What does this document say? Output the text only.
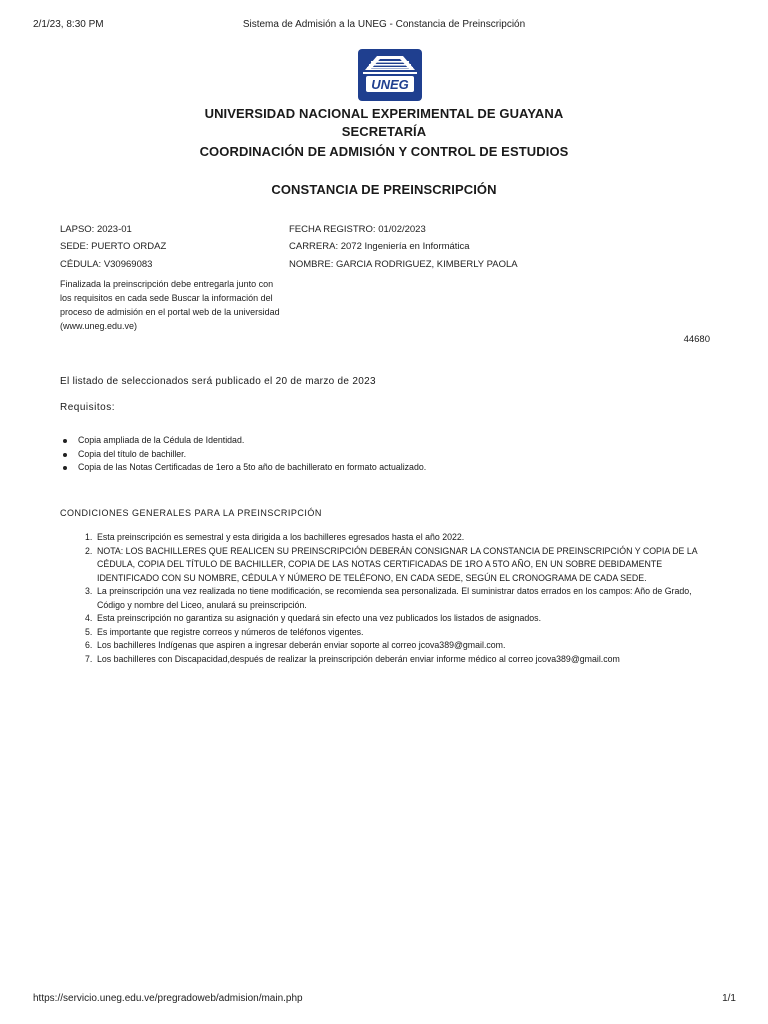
2/1/23, 8:30 PM	Sistema de Admisión a la UNEG - Constancia de Preinscripción
UNEG
UNIVERSIDAD NACIONAL EXPERIMENTAL DE GUAYANA
SECRETARÍA
COORDINACIÓN DE ADMISIÓN Y CONTROL DE ESTUDIOS
CONSTANCIA DE PREINSCRIPCIÓN
LAPSO: 2023-01
SEDE: PUERTO ORDAZ
CÉDULA: V30969083
FECHA REGISTRO: 01/02/2023
CARRERA: 2072 Ingeniería en Informática
NOMBRE: GARCIA RODRIGUEZ, KIMBERLY PAOLA
Finalizada la preinscripción debe entregarla junto con los requisitos en cada sede Buscar la información del proceso de admisión en el portal web de la universidad (www.uneg.edu.ve)
44680
El listado de seleccionados será publicado el 20 de marzo de 2023
Requisitos:
Copia ampliada de la Cédula de Identidad.
Copia del título de bachiller.
Copia de las Notas Certificadas de 1ero a 5to año de bachillerato en formato actualizado.
CONDICIONES GENERALES PARA LA PREINSCRIPCIÓN
1. Esta preinscripción es semestral y esta dirigida a los bachilleres egresados hasta el año 2022.
2. NOTA: LOS BACHILLERES QUE REALICEN SU PREINSCRIPCIÓN DEBERÁN CONSIGNAR LA CONSTANCIA DE PREINSCRIPCIÓN Y COPIA DE LA CÉDULA, COPIA DEL TÍTULO DE BACHILLER, COPIA DE LAS NOTAS CERTIFICADAS DE 1RO A 5TO AÑO, EN UN SOBRE DEBIDAMENTE IDENTIFICADO CON SU NOMBRE, CÉDULA Y NÚMERO DE TELÉFONO, EN CADA SEDE, SEGÚN EL CRONOGRAMA DE CADA SEDE.
3. La preinscripción una vez realizada no tiene modificación, se recomienda sea personalizada. El suministrar datos errados en los campos: Año de Grado, Código y nombre del Liceo, anulará su preinscripción.
4. Esta preinscripción no garantiza su asignación y quedará sin efecto una vez publicados los listados de asignados.
5. Es importante que registre correos y números de teléfonos vigentes.
6. Los bachilleres Indígenas que aspiren a ingresar deberán enviar soporte al correo jcova389@gmail.com.
7. Los bachilleres con Discapacidad,después de realizar la preinscripción deberán enviar informe médico al correo jcova389@gmail.com
https://servicio.uneg.edu.ve/pregradoweb/admision/main.php	1/1
